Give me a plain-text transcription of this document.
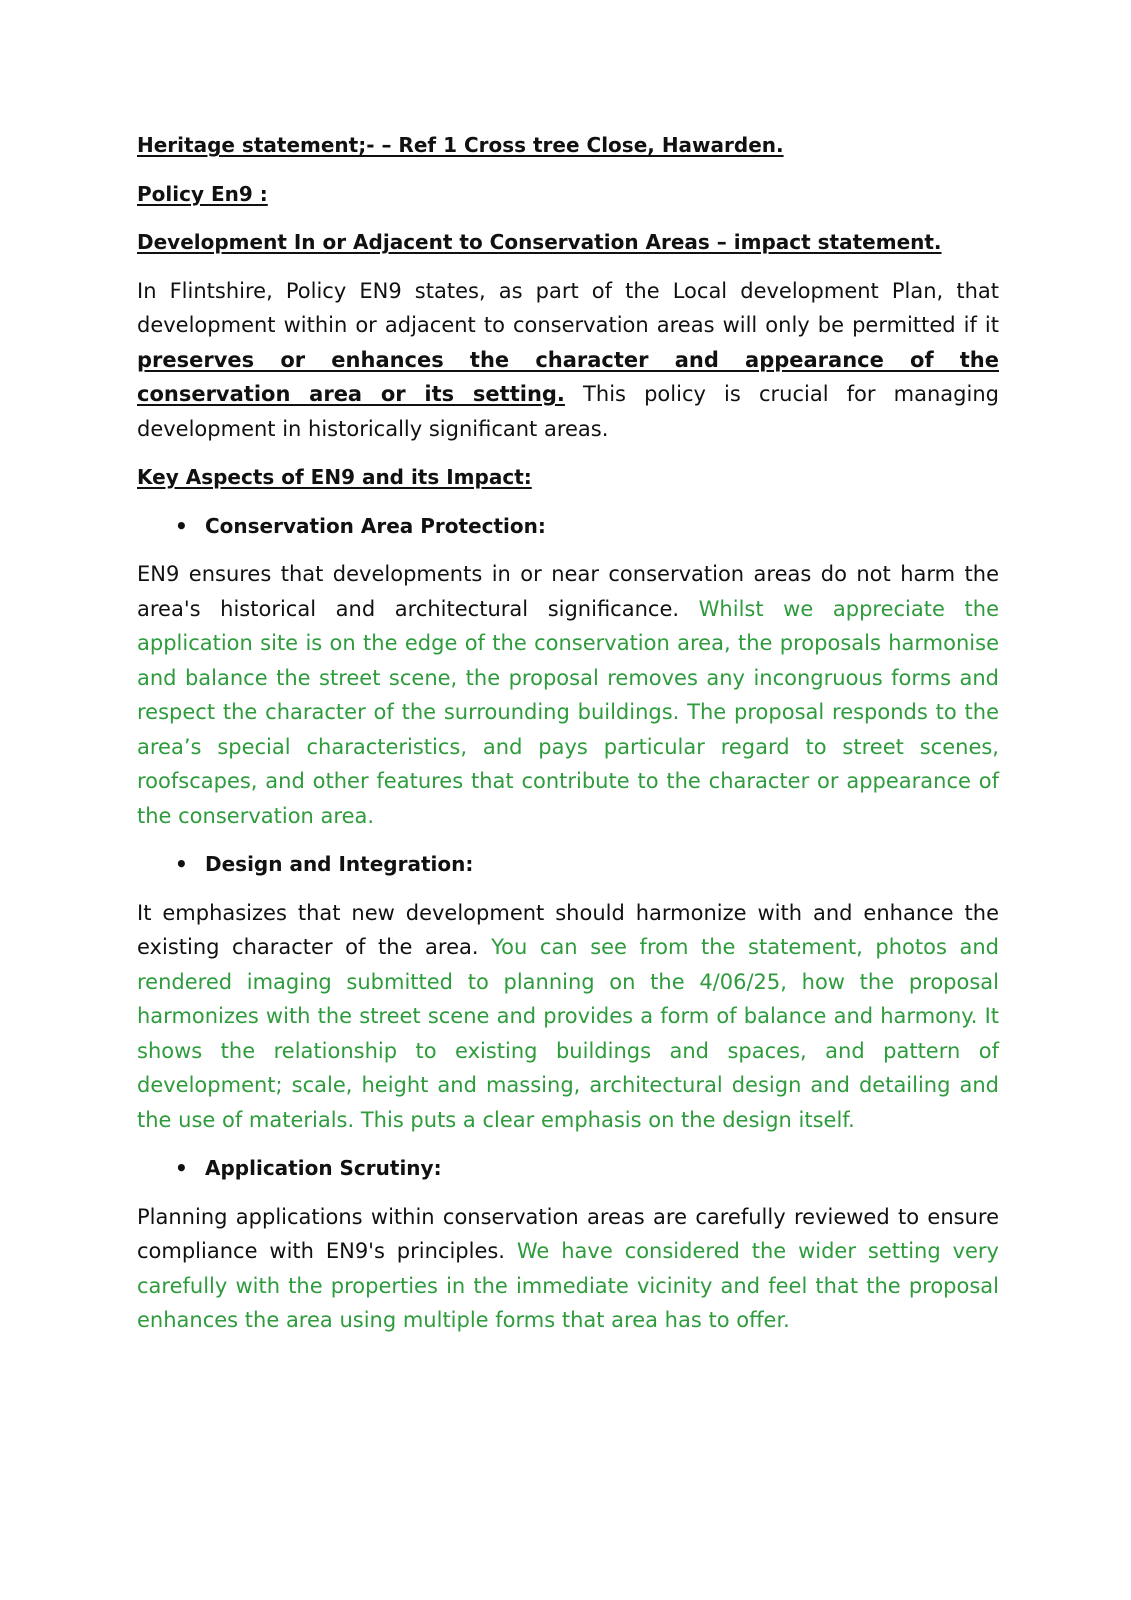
Heritage statement;- – Ref 1 Cross tree Close, Hawarden.
Policy En9 :
Development In or Adjacent to Conservation Areas – impact statement.

In Flintshire, Policy EN9 states, as part of the Local development Plan, that development within or adjacent to conservation areas will only be permitted if it preserves or enhances the character and appearance of the conservation area or its setting. This policy is crucial for managing development in historically significant areas.

Key Aspects of EN9 and its Impact:
• Conservation Area Protection:

EN9 ensures that developments in or near conservation areas do not harm the area's historical and architectural significance. Whilst we appreciate the application site is on the edge of the conservation area, the proposals harmonise and balance the street scene, the proposal removes any incongruous forms and respect the character of the surrounding buildings. The proposal responds to the area’s special characteristics, and pays particular regard to street scenes, roofscapes, and other features that contribute to the character or appearance of the conservation area.

• Design and Integration:

It emphasizes that new development should harmonize with and enhance the existing character of the area. You can see from the statement, photos and rendered imaging submitted to planning on the 4/06/25, how the proposal harmonizes with the street scene and provides a form of balance and harmony. It shows the relationship to existing buildings and spaces, and pattern of development; scale, height and massing, architectural design and detailing and the use of materials. This puts a clear emphasis on the design itself.

• Application Scrutiny:

Planning applications within conservation areas are carefully reviewed to ensure compliance with EN9's principles. We have considered the wider setting very carefully with the properties in the immediate vicinity and feel that the proposal enhances the area using multiple forms that area has to offer.
